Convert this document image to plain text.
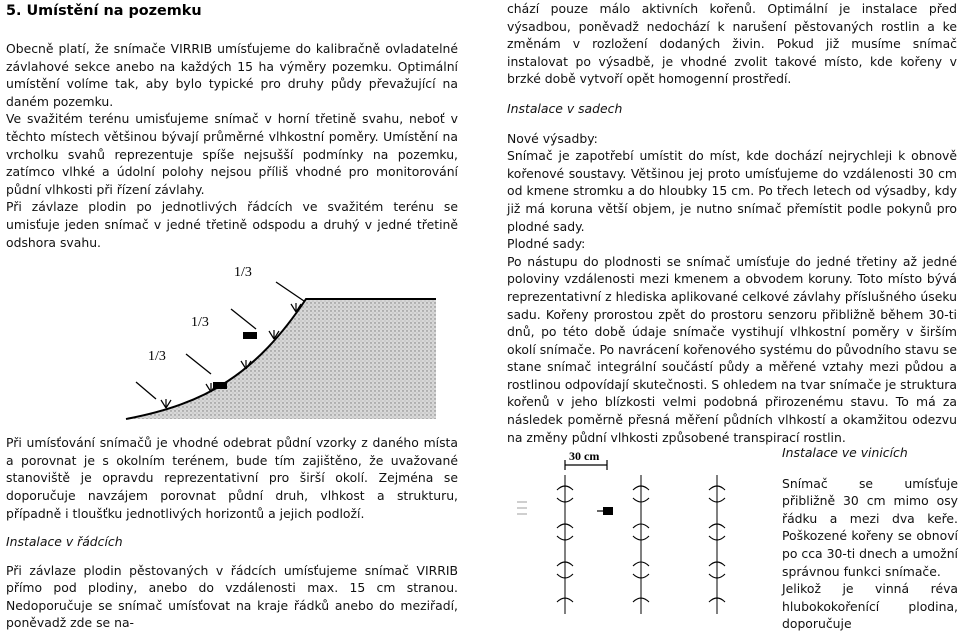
5. Umístění na pozemku

Obecně platí, že snímače VIRRIB umísťujeme do kalibračně ovladatelné závlahové sekce anebo na každých 15 ha výměry pozemku. Optimální umístění volíme tak, aby bylo typické pro druhy půdy převažující na daném pozemku.

Ve svažitém terénu umisťujeme snímač v horní třetině svahu, neboť v těchto místech většinou bývají průměrné vlhkostní poměry. Umístění na vrcholku svahů reprezentuje spíše nejsušší podmínky na pozemku, zatímco vlhké a údolní polohy nejsou příliš vhodné pro monitorování půdní vlhkosti při řízení závlahy.

Při závlaze plodin po jednotlivých řádcích ve svažitém terénu se umisťuje jeden snímač v jedné třetině odspodu a druhý v jedné třetině odshora svahu.

1/3
1/3
1/3

Při umísťování snímačů je vhodné odebrat půdní vzorky z daného místa a porovnat je s okolním terénem, bude tím zajištěno, že uvažované stanoviště je opravdu reprezentativní pro širší okolí. Zejména se doporučuje navzájem porovnat půdní druh, vlhkost a strukturu, případně i tloušťku jednotlivých horizontů a jejich podloží.

Instalace v řádcích

Při závlaze plodin pěstovaných v řádcích umísťujeme snímač VIRRIB přímo pod plodiny, anebo do vzdálenosti max. 15 cm stranou. Nedoporučuje se snímač umísťovat na kraje řádků anebo do meziřadí, poněvadž zde se na-

chází pouze málo aktivních kořenů. Optimální je instalace před výsadbou, poněvadž nedochází k narušení pěstovaných rostlin a ke změnám v rozložení dodaných živin. Pokud již musíme snímač instalovat po výsadbě, je vhodné zvolit takové místo, kde kořeny v brzké době vytvoří opět homogenní prostředí.

Instalace v sadech

Nové výsadby:

Snímač je zapotřebí umístit do míst, kde dochází nejrychleji k obnově kořenové soustavy. Většinou jej proto umísťujeme do vzdálenosti 30 cm od kmene stromku a do hloubky 15 cm. Po třech letech od výsadby, kdy již má koruna větší objem, je nutno snímač přemístit podle pokynů pro plodné sady.

Plodné sady:

Po nástupu do plodnosti se snímač umísťuje do jedné třetiny až jedné poloviny vzdálenosti mezi kmenem a obvodem koruny. Toto místo bývá reprezentativní z hlediska aplikované celkové závlahy příslušného úseku sadu. Kořeny prorostou zpět do prostoru senzoru přibližně během 30-ti dnů, po této době údaje snímače vystihují vlhkostní poměry v širším okolí snímače. Po navrácení kořenového systému do původního stavu se stane snímač integrální součástí půdy a měřené vztahy mezi půdou a rostlinou odpovídají skutečnosti. S ohledem na tvar snímače je struktura kořenů v jeho blízkosti velmi podobná přirozenému stavu. To má za následek poměrně přesná měření půdních vlhkostí a okamžitou odezvu na změny půdní vlhkosti způsobené transpirací rostlin.

30 cm	Instalace ve vinicích

Snímač se umísťuje přibližně 30 cm mimo osy řádku a mezi dva keře. Poškozené kořeny se obnoví po cca 30-ti dnech a umožní správnou funkci snímače.

Jelikož je vinná réva hlubokokořenící plodina, doporučuje
